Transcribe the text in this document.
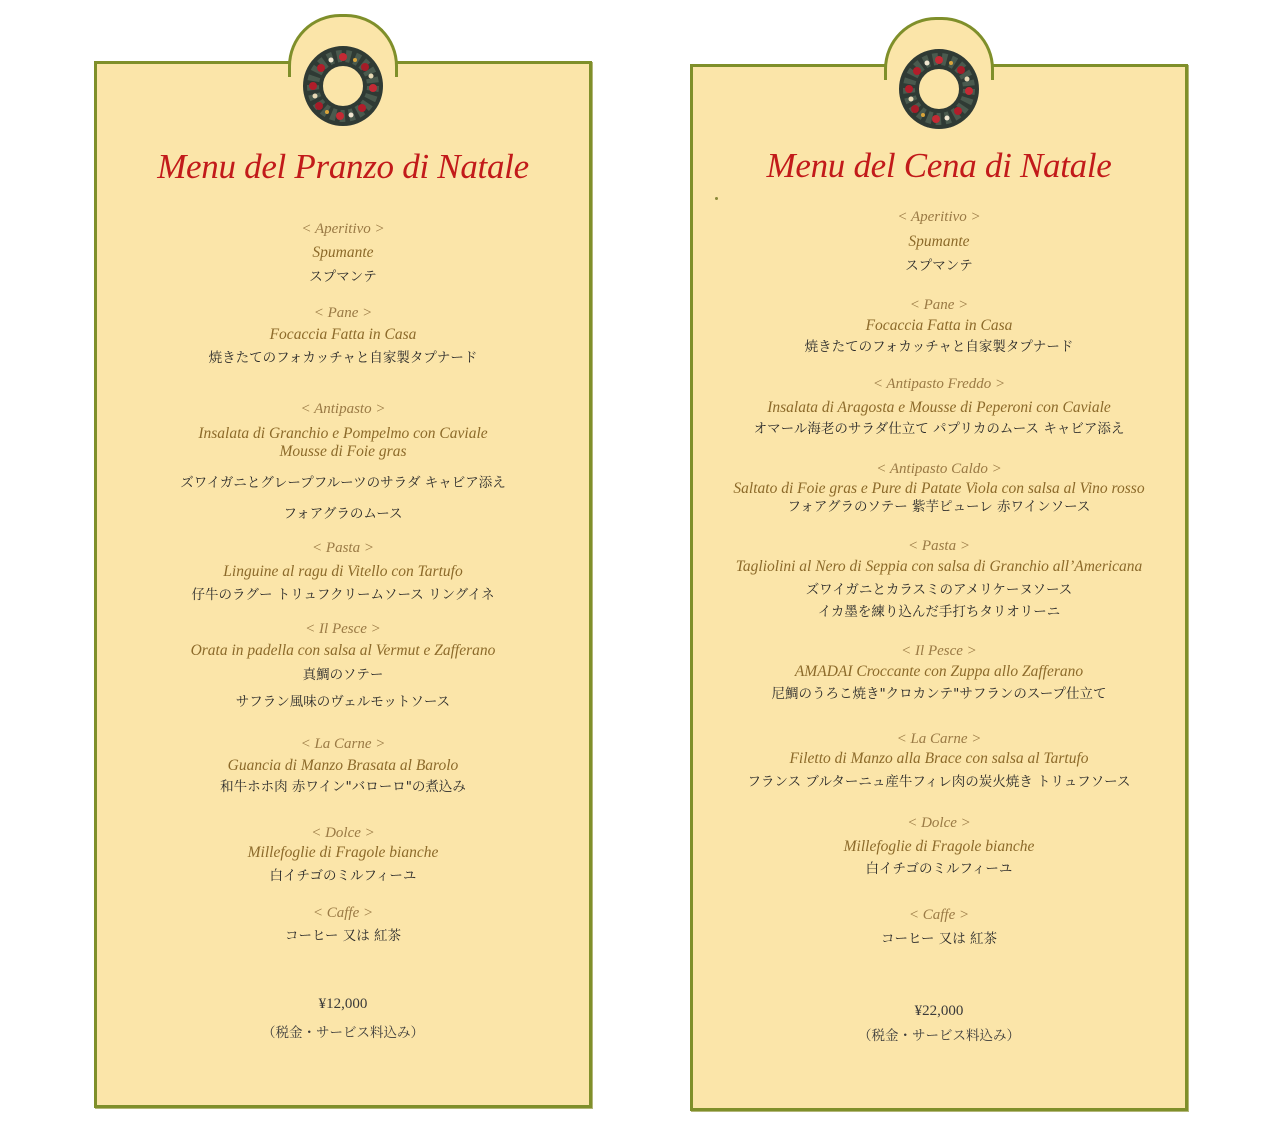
Menu del Pranzo di Natale
< Aperitivo >
Spumante
スプマンテ
< Pane >
Focaccia Fatta in Casa
焼きたてのフォカッチャと自家製タプナード
< Antipasto >
Insalata di Granchio e Pompelmo con Caviale
Mousse di Foie gras
ズワイガニとグレープフルーツのサラダ キャビア添え
フォアグラのムース
< Pasta >
Linguine al ragu di Vitello con Tartufo
仔牛のラグー トリュフクリームソース リングイネ
< Il Pesce >
Orata in padella con salsa al Vermut e Zafferano
真鯛のソテー
サフラン風味のヴェルモットソース
< La Carne >
Guancia di Manzo Brasata al Barolo
和牛ホホ肉 赤ワイン"バローロ"の煮込み
< Dolce >
Millefoglie di Fragole bianche
白イチゴのミルフィーユ
< Caffe >
コーヒー 又は 紅茶
¥12,000
（税金・サービス料込み）
Menu del Cena di Natale
< Aperitivo >
Spumante
スプマンテ
< Pane >
Focaccia Fatta in Casa
焼きたてのフォカッチャと自家製タプナード
< Antipasto Freddo >
Insalata di Aragosta e Mousse di Peperoni con Caviale
オマール海老のサラダ仕立て パプリカのムース キャビア添え
< Antipasto Caldo >
Saltato di Foie gras e Pure di Patate Viola con salsa al Vino rosso
フォアグラのソテー 紫芋ピューレ 赤ワインソース
< Pasta >
Tagliolini al Nero di Seppia con salsa di Granchio all’Americana
ズワイガニとカラスミのアメリケーヌソース
イカ墨を練り込んだ手打ちタリオリーニ
< Il Pesce >
AMADAI Croccante con Zuppa allo Zafferano
尼鯛のうろこ焼き"クロカンテ"サフランのスープ仕立て
< La Carne >
Filetto di Manzo alla Brace con salsa al Tartufo
フランス ブルターニュ産牛フィレ肉の炭火焼き トリュフソース
< Dolce >
Millefoglie di Fragole bianche
白イチゴのミルフィーユ
< Caffe >
コーヒー 又は 紅茶
¥22,000
（税金・サービス料込み）
